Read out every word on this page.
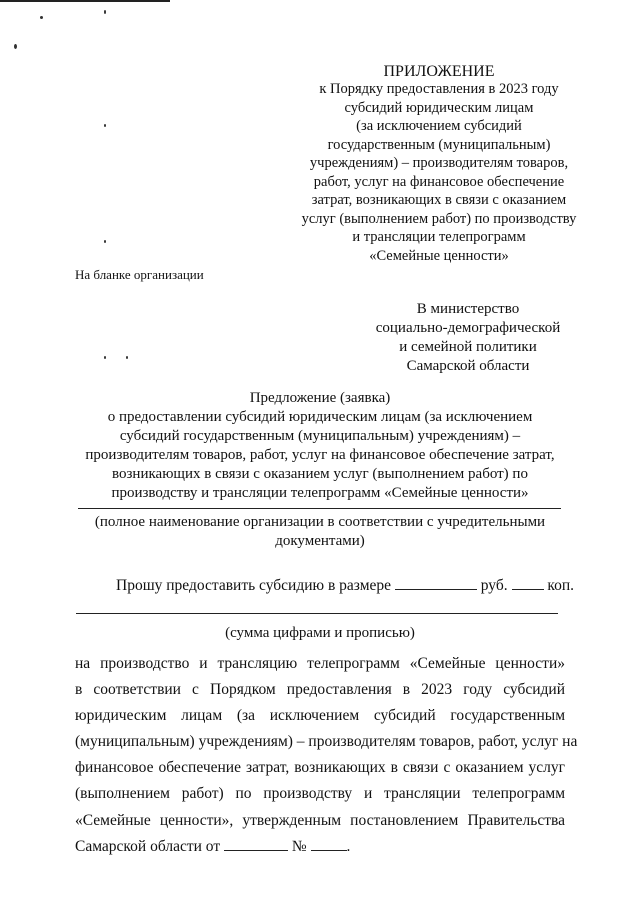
ПРИЛОЖЕНИЕ
к Порядку предоставления в 2023 году
субсидий юридическим лицам
(за исключением субсидий
государственным (муниципальным)
учреждениям) – производителям товаров,
работ, услуг на финансовое обеспечение
затрат, возникающих в связи с оказанием
услуг (выполнением работ) по производству
и трансляции телепрограмм
«Семейные ценности»
На бланке организации
В министерство
социально-демографической
и семейной политики
Самарской области
Предложение (заявка)
о предоставлении субсидий юридическим лицам (за исключением
субсидий государственным (муниципальным) учреждениям) –
производителям товаров, работ, услуг на финансовое обеспечение затрат,
возникающих в связи с оказанием услуг (выполнением работ) по
производству и трансляции телепрограмм «Семейные ценности»
(полное наименование организации в соответствии с учредительными
документами)
Прошу предоставить субсидию в размере	руб.	коп.
(сумма цифрами и прописью)
на производство и трансляцию телепрограмм «Семейные ценности»
в соответствии с Порядком предоставления в 2023 году субсидий
юридическим лицам (за исключением субсидий государственным
(муниципальным) учреждениям) – производителям товаров, работ, услуг на
финансовое обеспечение затрат, возникающих в связи с оказанием услуг
(выполнением работ) по производству и трансляции телепрограмм
«Семейные ценности», утвержденным постановлением Правительства
Самарской области от	№	.
